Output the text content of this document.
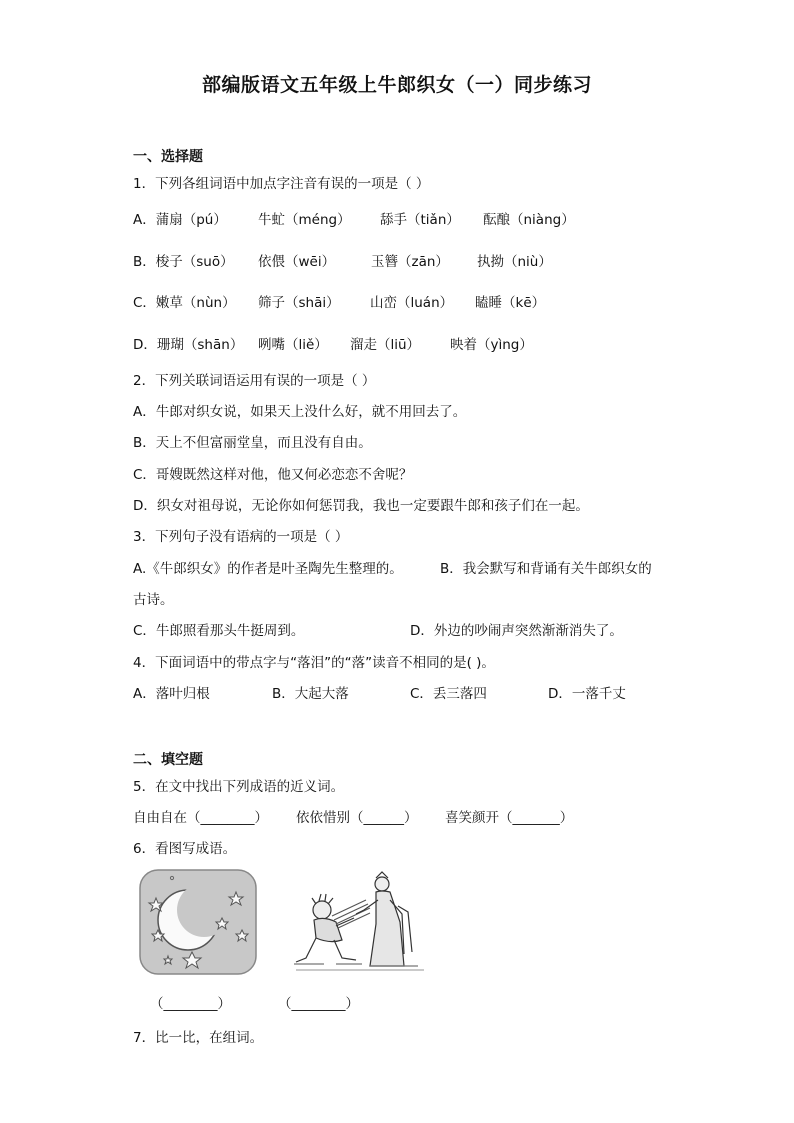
部编版语文五年级上牛郎织女（一）同步练习
一、选择题
1．下列各组词语中加点字注音有误的一项是（ ）
A．蒲扇（pú） 牛虻（méng） 舔手（tiǎn） 酝酿（niàng）
B．梭子（suō） 依偎（wēi）	玉簪（zān） 执拗（niù）
C．嫩草（nùn） 筛子（shāi） 山峦（luán） 瞌睡（kē）
D．珊瑚（shān） 咧嘴（liě） 溜走（liū） 映着（yìng）
2．下列关联词语运用有误的一项是（ ）
A．牛郎对织女说，如果天上没什么好，就不用回去了。
B．天上不但富丽堂皇，而且没有自由。
C．哥嫂既然这样对他，他又何必恋恋不舍呢？
D．织女对祖母说，无论你如何惩罚我，我也一定要跟牛郎和孩子们在一起。
3．下列句子没有语病的一项是（ ）
A.《牛郎织女》的作者是叶圣陶先生整理的。	B．我会默写和背诵有关牛郎织女的
古诗。
C．牛郎照看那头牛挺周到。	D．外边的吵闹声突然渐渐消失了。
4．下面词语中的带点字与“落泪”的“落”读音不相同的是( )。
A．落叶归根	B．大起大落	C．丢三落四	D．一落千丈
二、填空题
5．在文中找出下列成语的近义词。
自由自在（________） 依依惜别（______） 喜笑颜开（_______）
6．看图写成语。
（________）	（________）
7．比一比，在组词。
